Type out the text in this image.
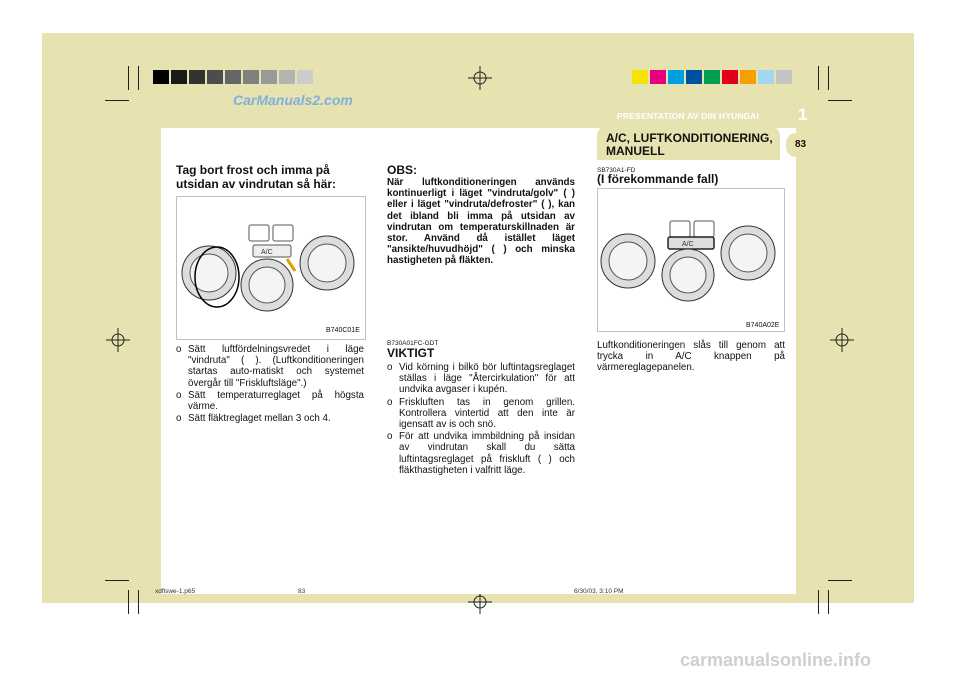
CarManuals2.com
PRESENTATION AV DIN HYUNDAI 1
A/C, LUFTKONDITIONERING, MANUELL	83
Tag bort frost och imma på utsidan av vindrutan så här:
A/C
B740C01E
o Sätt luftfördelningsvredet i läge "vindruta" ( ). (Luftkonditioneringen startas auto-matiskt och systemet övergår till "Friskluftsläge".)
o Sätt temperaturreglaget på högsta värme.
o Sätt fläktreglaget mellan 3 och 4.
OBS:
När luftkonditioneringen används kontinuerligt i läget "vindruta/golv" ( ) eller i läget "vindruta/defroster" ( ), kan det ibland bli imma på utsidan av vindrutan om temperaturskillnaden är stor. Använd då istället läget "ansikte/huvudhöjd" ( ) och minska hastigheten på fläkten.
B730A01FC-GDT
VIKTIGT
o Vid körning i bilkö bör luftintagsreglaget ställas i läge "Återcirkulation" för att undvika avgaser i kupén.
o Friskluften tas in genom grillen. Kontrollera vintertid att den inte är igensatt av is och snö.
o För att undvika immbildning på insidan av vindrutan skall du sätta luftintagsreglaget på friskluft ( ) och fläkthastigheten i valfritt läge.
SB730A1-FD
(I förekommande fall)
A/C
B740A02E
Luftkonditioneringen slås till genom att trycka in A/C knappen på värmereglagepanelen.
xdflswe-1.p65	83	6/30/03, 3:10 PM
carmanualsonline.info
